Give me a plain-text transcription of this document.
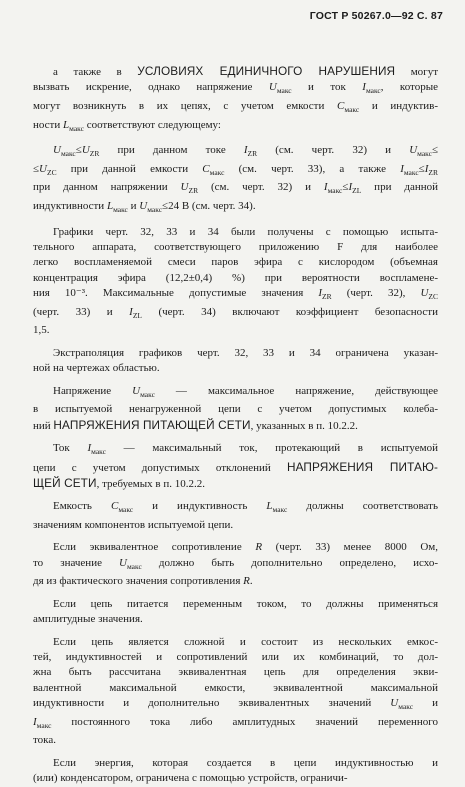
ГОСТ Р 50267.0—92 С. 87

а также в УСЛОВИЯХ ЕДИНИЧНОГО НАРУШЕНИЯ могут
вызвать искрение, однако напряжение $U_{макс}$ и ток $I_{макс}$, которые
могут возникнуть в их цепях, с учетом емкости $C_{макс}$ и индуктив-
ности $L_{макс}$ соответствуют следующему:

$U_{макс}\le U_{ZR}$ при данном токе $I_{ZR}$ (см. черт. 32) и $U_{макс}\le$
$\le U_{ZC}$ при данной емкости $C_{макс}$ (см. черт. 33), а также $I_{макс}\le I_{ZR}$
при данном напряжении $U_{ZR}$ (см. черт. 32) и $I_{макс}\le I_{ZL}$ при данной
индуктивности $L_{макс}$ и $U_{макс}\le 24$ В (см. черт. 34).

Графики черт. 32, 33 и 34 были получены с помощью испыта-
тельного аппарата, соответствующего приложению F для наиболее
легко воспламеняемой смеси паров эфира с кислородом (объемная
концентрация эфира (12,2±0,4) %) при вероятности воспламене-
ния 10⁻³. Максимальные допустимые значения $I_{ZR}$ (черт. 32), $U_{ZC}$
(черт. 33) и $I_{ZL}$ (черт. 34) включают коэффициент безопасности
1,5.

Экстраполяция графиков черт. 32, 33 и 34 ограничена указан-
ной на чертежах областью.

Напряжение $U_{макс}$ — максимальное напряжение, действующее
в испытуемой ненагруженной цепи с учетом допустимых колеба-
ний НАПРЯЖЕНИЯ ПИТАЮЩЕЙ СЕТИ, указанных в п. 10.2.2.

Ток $I_{макс}$ — максимальный ток, протекающий в испытуемой
цепи с учетом допустимых отклонений НАПРЯЖЕНИЯ ПИТАЮ-
ЩЕЙ СЕТИ, требуемых в п. 10.2.2.

Емкость $C_{макс}$ и индуктивность $L_{макс}$ должны соответствовать
значениям компонентов испытуемой цепи.

Если эквивалентное сопротивление R (черт. 33) менее 8000 Ом,
то значение $U_{макс}$ должно быть дополнительно определено, исхо-
дя из фактического значения сопротивления R.

Если цепь питается переменным током, то должны применяться
амплитудные значения.

Если цепь является сложной и состоит из нескольких емкос-
тей, индуктивностей и сопротивлений или их комбинаций, то дол-
жна быть рассчитана эквивалентная цепь для определения экви-
валентной максимальной емкости, эквивалентной максимальной
индуктивности и дополнительно эквивалентных значений $U_{макс}$ и
$I_{макс}$ постоянного тока либо амплитудных значений переменного
тока.

Если энергия, которая создается в цепи индуктивностью и
(или) конденсатором, ограничена с помощью устройств, ограничи-
